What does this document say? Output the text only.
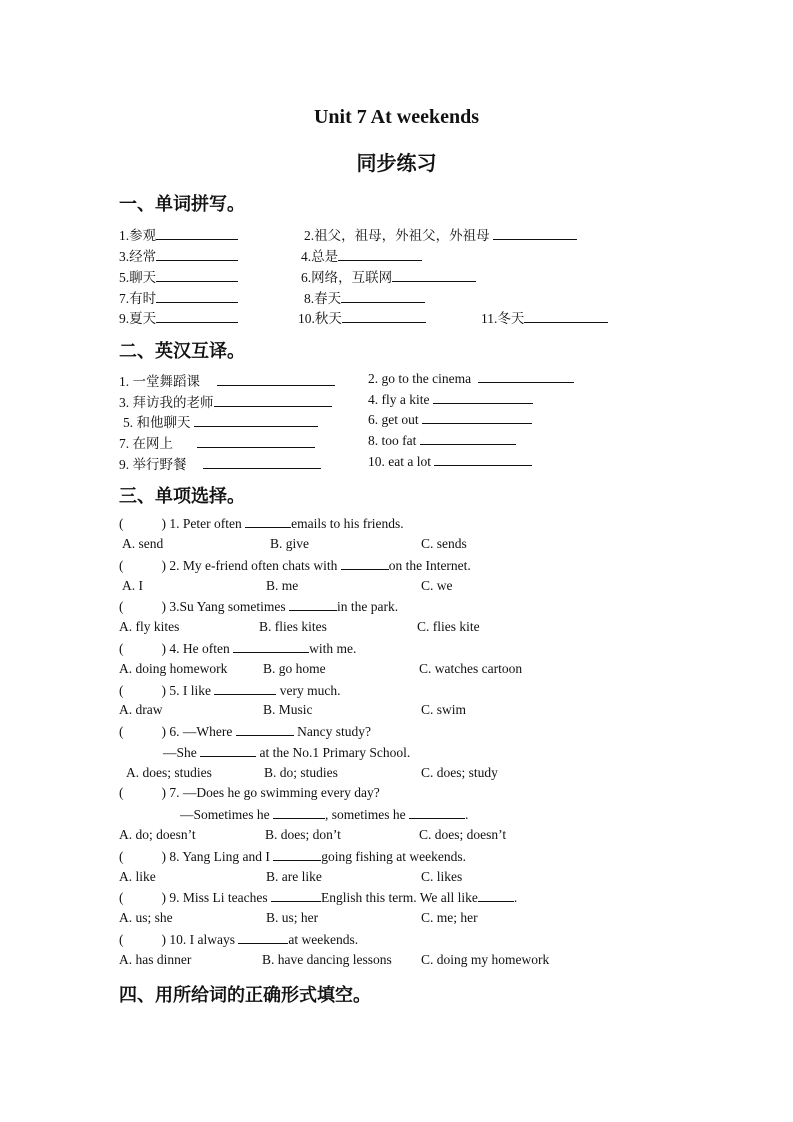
Unit 7 At weekends
同步练习
一、单词拼写。
1.参观	2.祖父，祖母，外祖父，外祖母
3.经常	4.总是
5.聊天	6.网络，互联网
7.有时	8.春天
9.夏天	10.秋天	11.冬天
二、英汉互译。
1. 一堂舞蹈课	2. go to the cinema
3. 拜访我的老师	4. fly a kite
5. 和他聊天	6. get out
7. 在网上	8. too fat
9. 举行野餐	10. eat a lot
三、单项选择。
(	) 1. Peter often	emails to his friends.
A. send	B. give	C. sends
(	) 2. My e-friend often chats with	on the Internet.
A. I	B. me	C. we
(	) 3.Su Yang sometimes	in the park.
A. fly kites	B. flies kites	C. flies kite
(	) 4. He often	with me.
A. doing homework	B. go home	C. watches cartoon
(	) 5. I like	very much.
A. draw	B. Music	C. swim
(	) 6. —Where	Nancy study?
—She	at the No.1 Primary School.
A. does; studies	B. do; studies	C. does; study
(	) 7. —Does he go swimming every day?
—Sometimes he	, sometimes he	.
A. do; doesn’t	B. does; don’t	C. does; doesn’t
(	) 8. Yang Ling and I	going fishing at weekends.
A. like	B. are like	C. likes
(	) 9. Miss Li teaches	English this term. We all like	.
A. us; she	B. us; her	C. me; her
(	) 10. I always	at weekends.
A. has dinner	B. have dancing lessons C. doing my homework
四、用所给词的正确形式填空。
